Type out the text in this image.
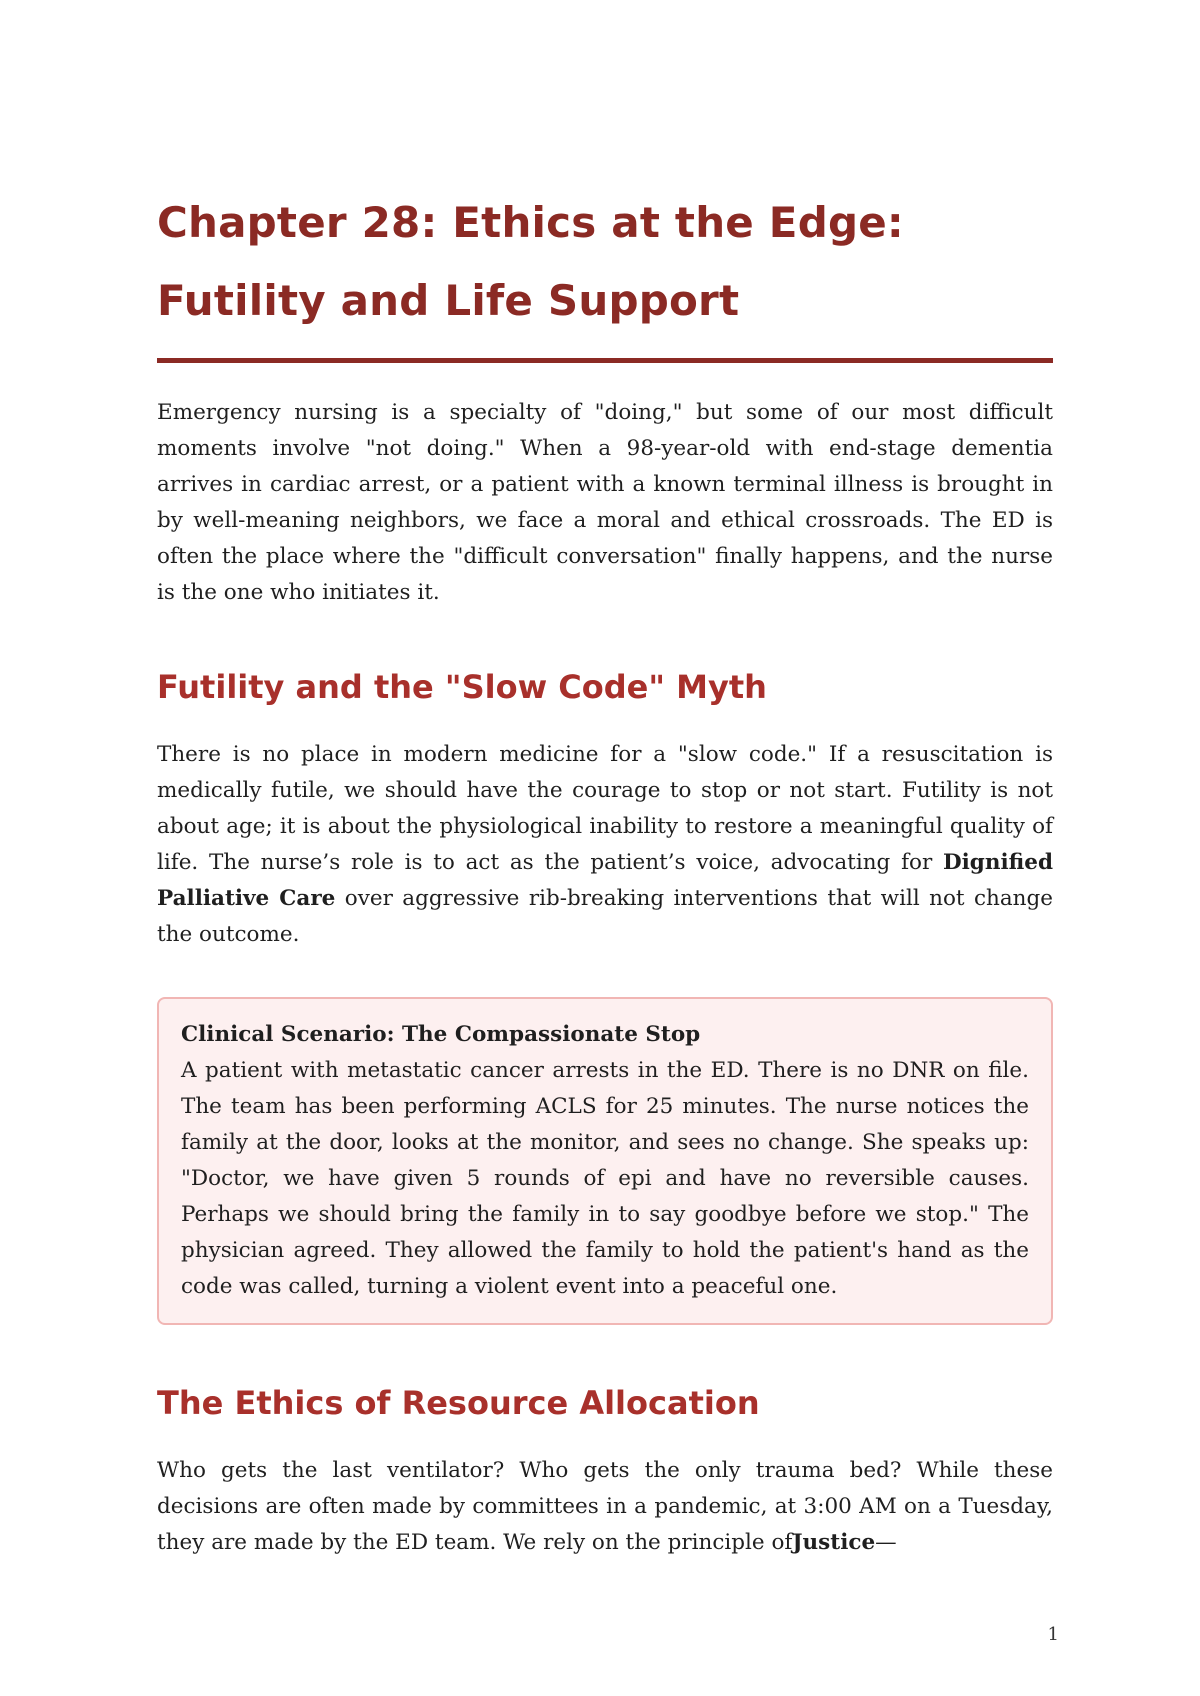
Chapter 28: Ethics at the Edge:
Futility and Life Support

Emergency nursing is a specialty of "doing," but some of our most difficult moments involve "not doing." When a 98-year-old with end-stage dementia arrives in cardiac arrest, or a patient with a known terminal illness is brought in by well-meaning neighbors, we face a moral and ethical crossroads. The ED is often the place where the "difficult conversation" finally happens, and the nurse is the one who initiates it.

Futility and the "Slow Code" Myth

There is no place in modern medicine for a "slow code." If a resuscitation is medically futile, we should have the courage to stop or not start. Futility is not about age; it is about the physiological inability to restore a meaningful quality of life. The nurse’s role is to act as the patient’s voice, advocating for Dignified Palliative Care over aggressive rib-breaking interventions that will not change the outcome.

Clinical Scenario: The Compassionate Stop

A patient with metastatic cancer arrests in the ED. There is no DNR on file. The team has been performing ACLS for 25 minutes. The nurse notices the family at the door, looks at the monitor, and sees no change. She speaks up: "Doctor, we have given 5 rounds of epi and have no reversible causes. Perhaps we should bring the family in to say goodbye before we stop." The physician agreed. They allowed the family to hold the patient's hand as the code was called, turning a violent event into a peaceful one.

The Ethics of Resource Allocation

Who gets the last ventilator? Who gets the only trauma bed? While these decisions are often made by committees in a pandemic, at 3:00 AM on a Tuesday, they are made by the ED team. We rely on the principle ofJustice—

1
